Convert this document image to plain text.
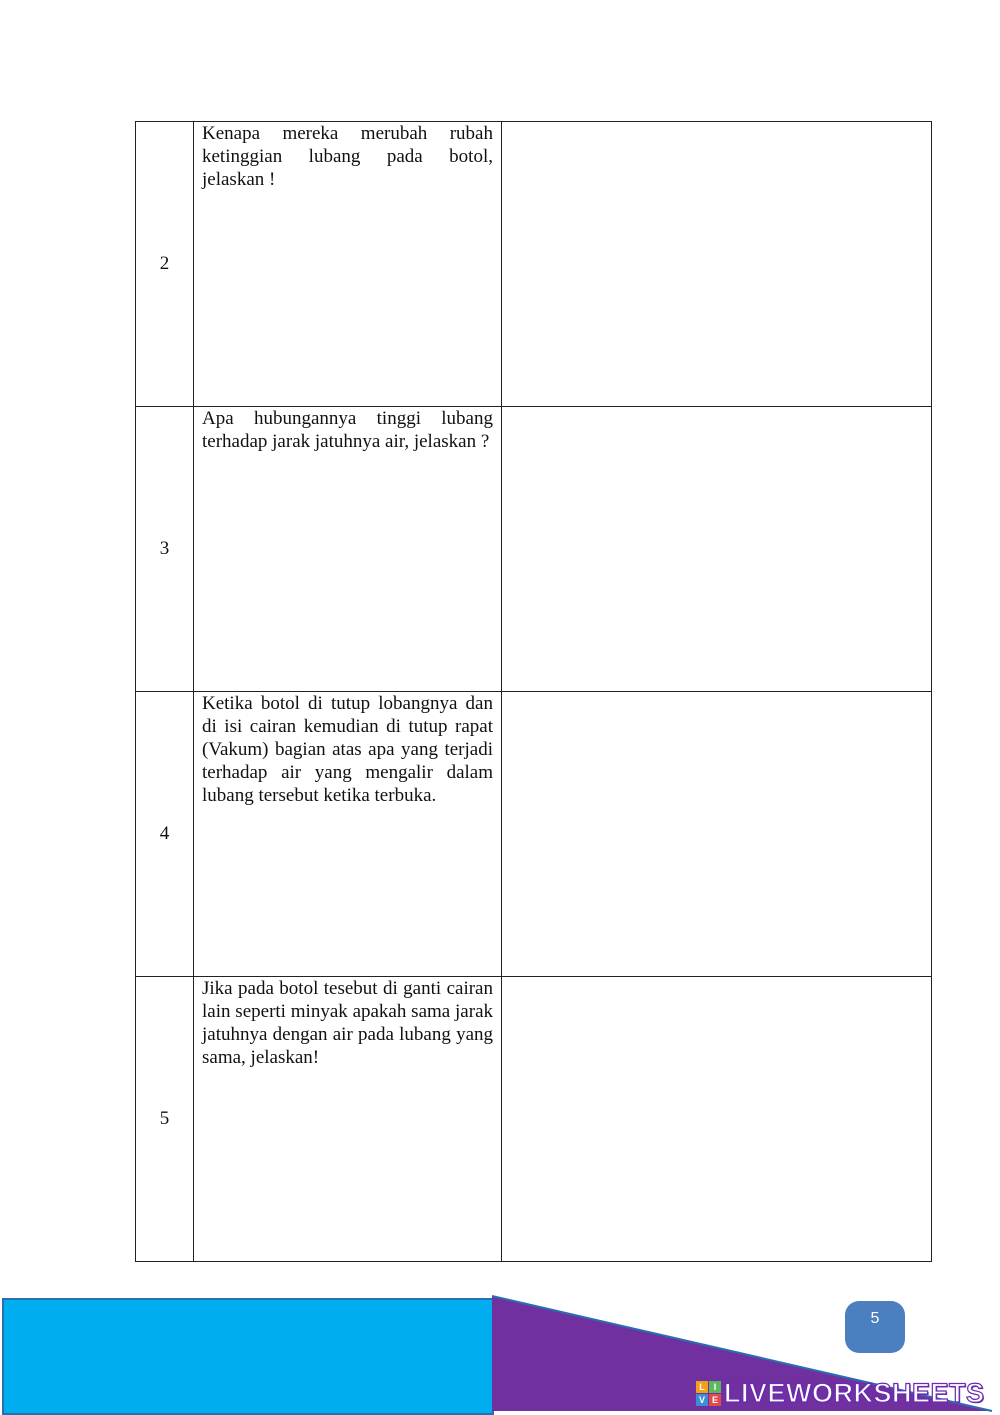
2	Kenapa mereka merubah rubah ketinggian lubang pada botol, jelaskan !	

3	Apa hubungannya tinggi lubang terhadap jarak jatuhnya air, jelaskan ?	

4	Ketika botol di tutup lobangnya dan di isi cairan kemudian di tutup rapat (Vakum) bagian atas apa yang terjadi terhadap air yang mengalir dalam lubang tersebut ketika terbuka.	

5	Jika pada botol tesebut di ganti cairan lain seperti minyak apakah sama jarak jatuhnya dengan air pada lubang yang sama, jelaskan!	

5
L I
V E LIVEWORKSHEETS
